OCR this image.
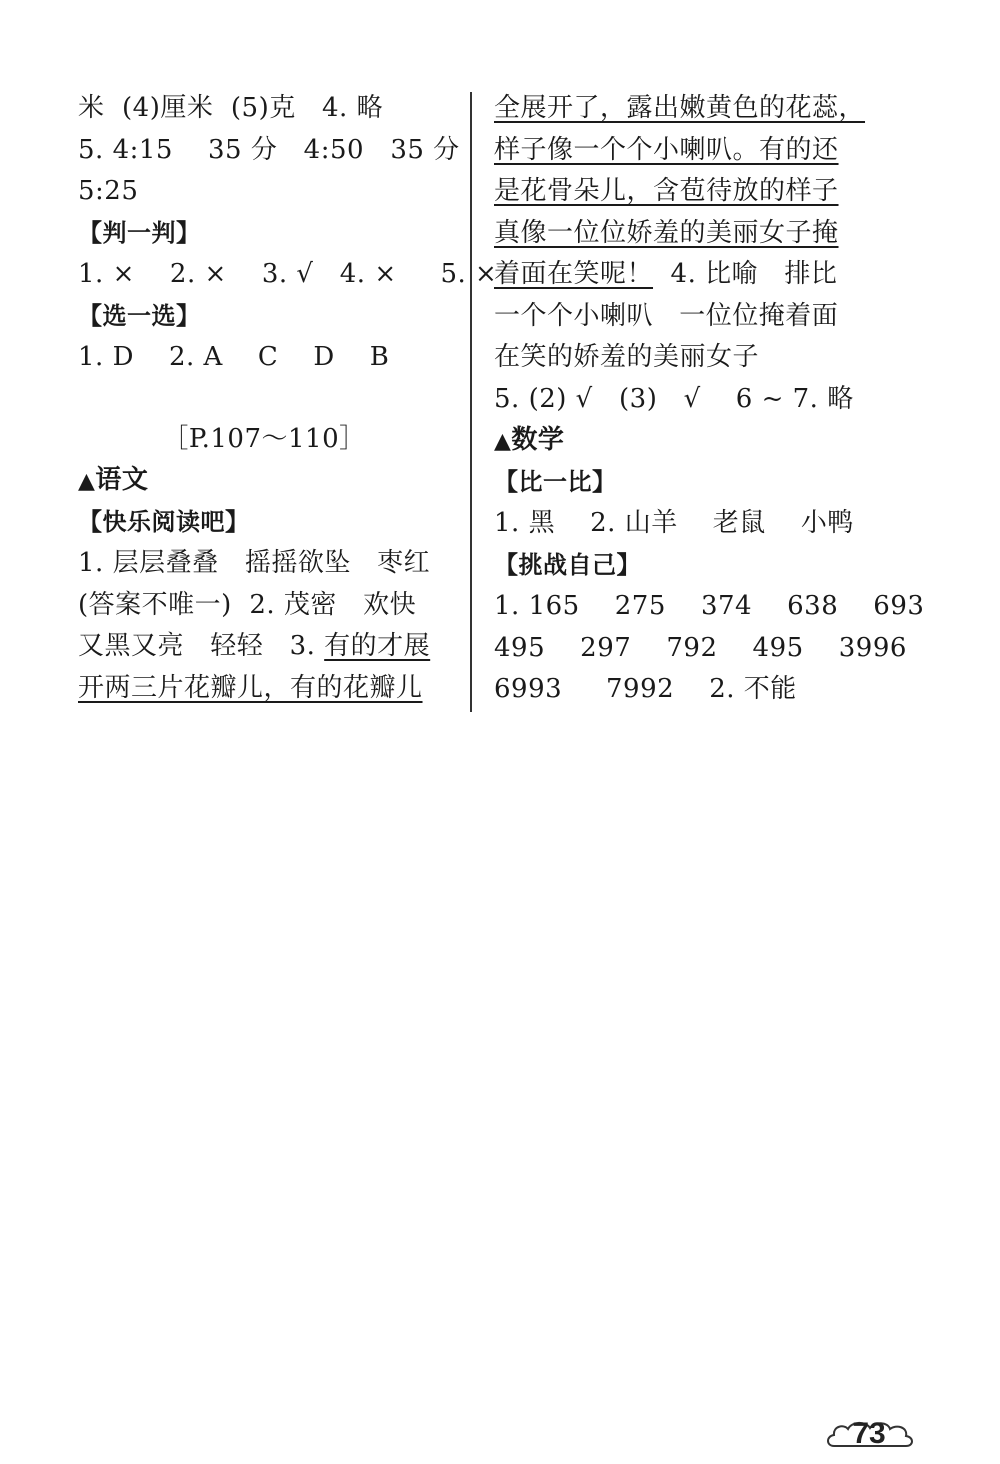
米  (4)厘米  (5)克   4. 略
5. 4:15    35 分   4:50   35 分
5:25
【判一判】
1. ×    2. ×    3. √   4. ×     5. ×
【选一选】
1. D    2. A    C    D    B
［P.107～110］
▲语文
【快乐阅读吧】
1. 层层叠叠   摇摇欲坠   枣红
(答案不唯一)  2. 茂密   欢快
又黑又亮   轻轻   3. 有的才展
开两三片花瓣儿，有的花瓣儿
全展开了，露出嫩黄色的花蕊，
样子像一个个小喇叭。有的还
是花骨朵儿，含苞待放的样子
真像一位位娇羞的美丽女子掩
着面在笑呢！  4. 比喻   排比
一个个小喇叭   一位位掩着面
在笑的娇羞的美丽女子
5. (2) √   (3)   √    6 ~ 7. 略
▲数学
【比一比】
1. 黑    2. 山羊    老鼠    小鸭
【挑战自己】
1. 165    275    374    638    693
495    297    792    495    3996
6993     7992    2. 不能
73
